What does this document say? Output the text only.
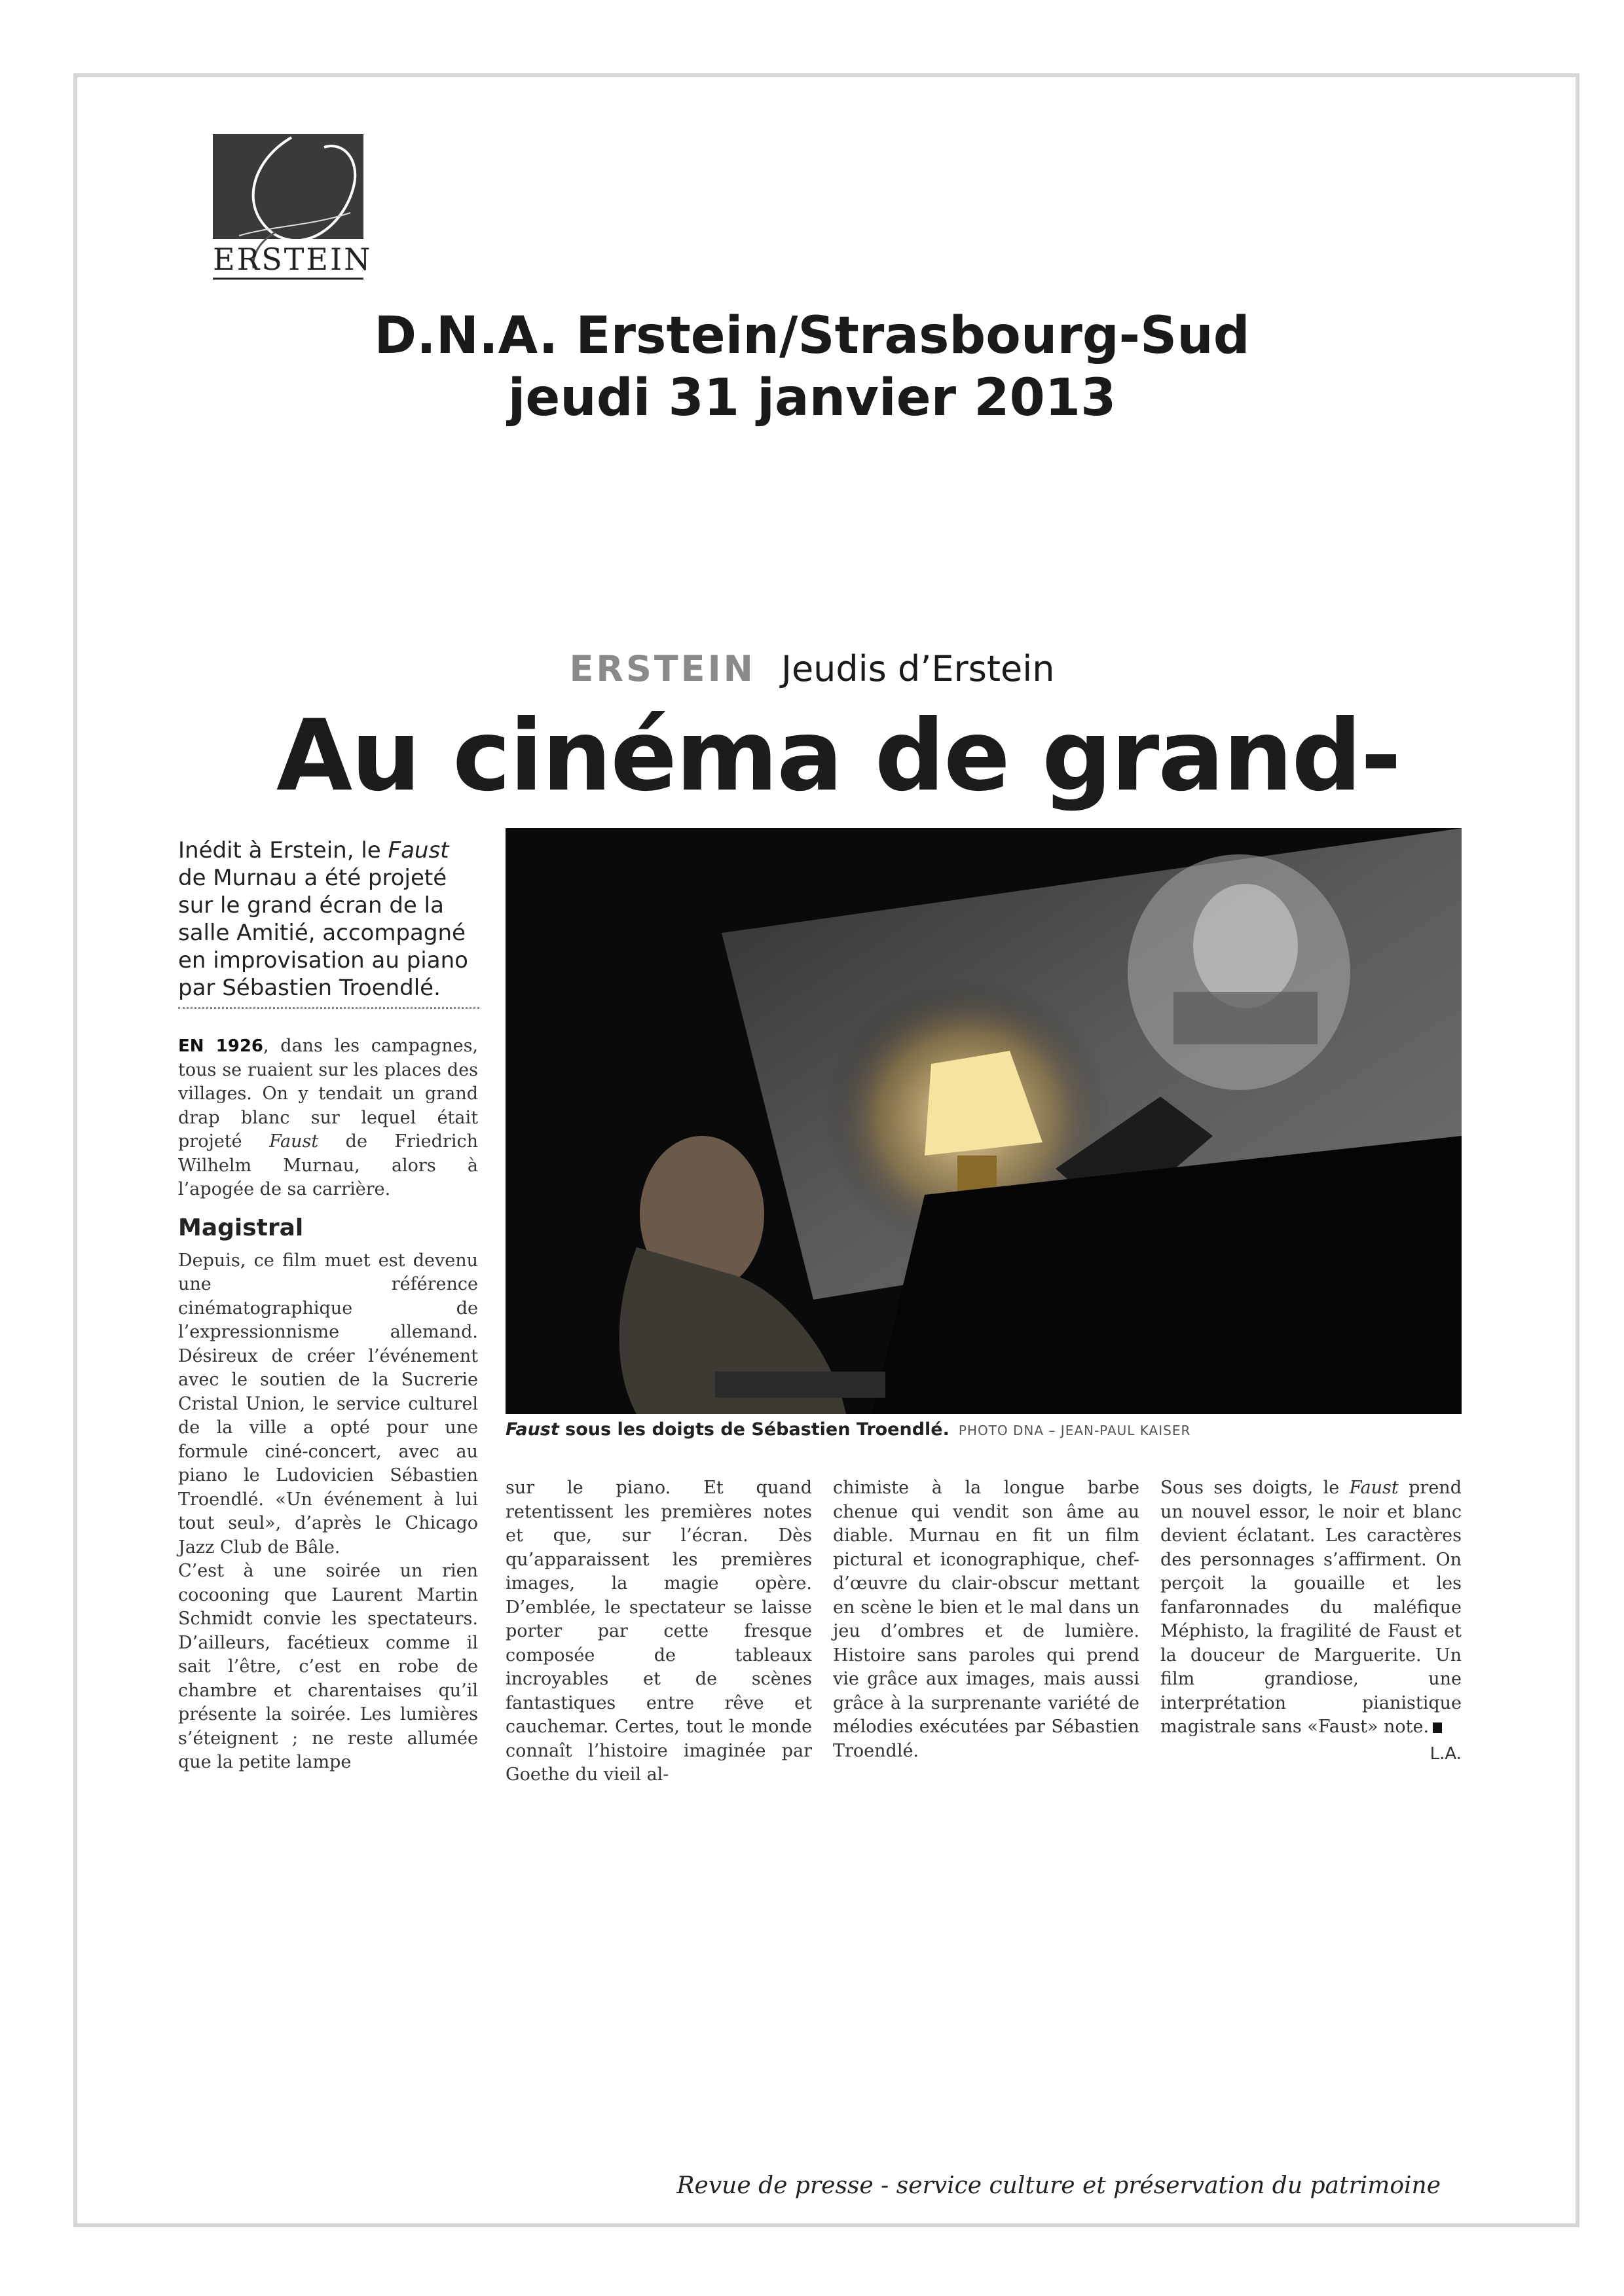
ERSTEIN
D.N.A. Erstein/Strasbourg-Sud
jeudi 31 janvier 2013
ERSTEIN Jeudis d’Erstein
Au cinéma de grand-
Inédit à Erstein, le Faust de Murnau a été projeté sur le grand écran de la salle Amitié, accompagné en improvisation au piano par Sébastien Troendlé.

EN 1926, dans les campagnes, tous se ruaient sur les places des villages. On y tendait un grand drap blanc sur lequel était projeté Faust de Friedrich Wilhelm Murnau, alors à l’apogée de sa carrière.

Magistral

Depuis, ce film muet est devenu une référence cinématographique de l’expressionnisme allemand. Désireux de créer l’événement avec le soutien de la Sucrerie Cristal Union, le service culturel de la ville a opté pour une formule ciné-concert, avec au piano le Ludovicien Sébastien Troendlé. «Un événement à lui tout seul», d’après le Chicago Jazz Club de Bâle.

C’est à une soirée un rien cocooning que Laurent Martin Schmidt convie les spectateurs. D’ailleurs, facétieux comme il sait l’être, c’est en robe de chambre et charentaises qu’il présente la soirée. Les lumières s’éteignent ; ne reste allumée que la petite lampe

Faust sous les doigts de Sébastien Troendlé. PHOTO DNA – JEAN-PAUL KAISER

sur le piano. Et quand retentissent les premières notes et que, sur l’écran. Dès qu’apparaissent les premières images, la magie opère. D’emblée, le spectateur se laisse porter par cette fresque composée de tableaux incroyables et de scènes fantastiques entre rêve et cauchemar. Certes, tout le monde connaît l’histoire imaginée par Goethe du vieil al-

chimiste à la longue barbe chenue qui vendit son âme au diable. Murnau en fit un film pictural et iconographique, chef-d’œuvre du clair-obscur mettant en scène le bien et le mal dans un jeu d’ombres et de lumière. Histoire sans paroles qui prend vie grâce aux images, mais aussi grâce à la surprenante variété de mélodies exécutées par Sébastien Troendlé.

Sous ses doigts, le Faust prend un nouvel essor, le noir et blanc devient éclatant. Les caractères des personnages s’affirment. On perçoit la gouaille et les fanfaronnades du maléfique Méphisto, la fragilité de Faust et la douceur de Marguerite. Un film grandiose, une interprétation pianistique magistrale sans «Faust» note.

L.A.
Revue de presse - service culture et préservation du patrimoine
